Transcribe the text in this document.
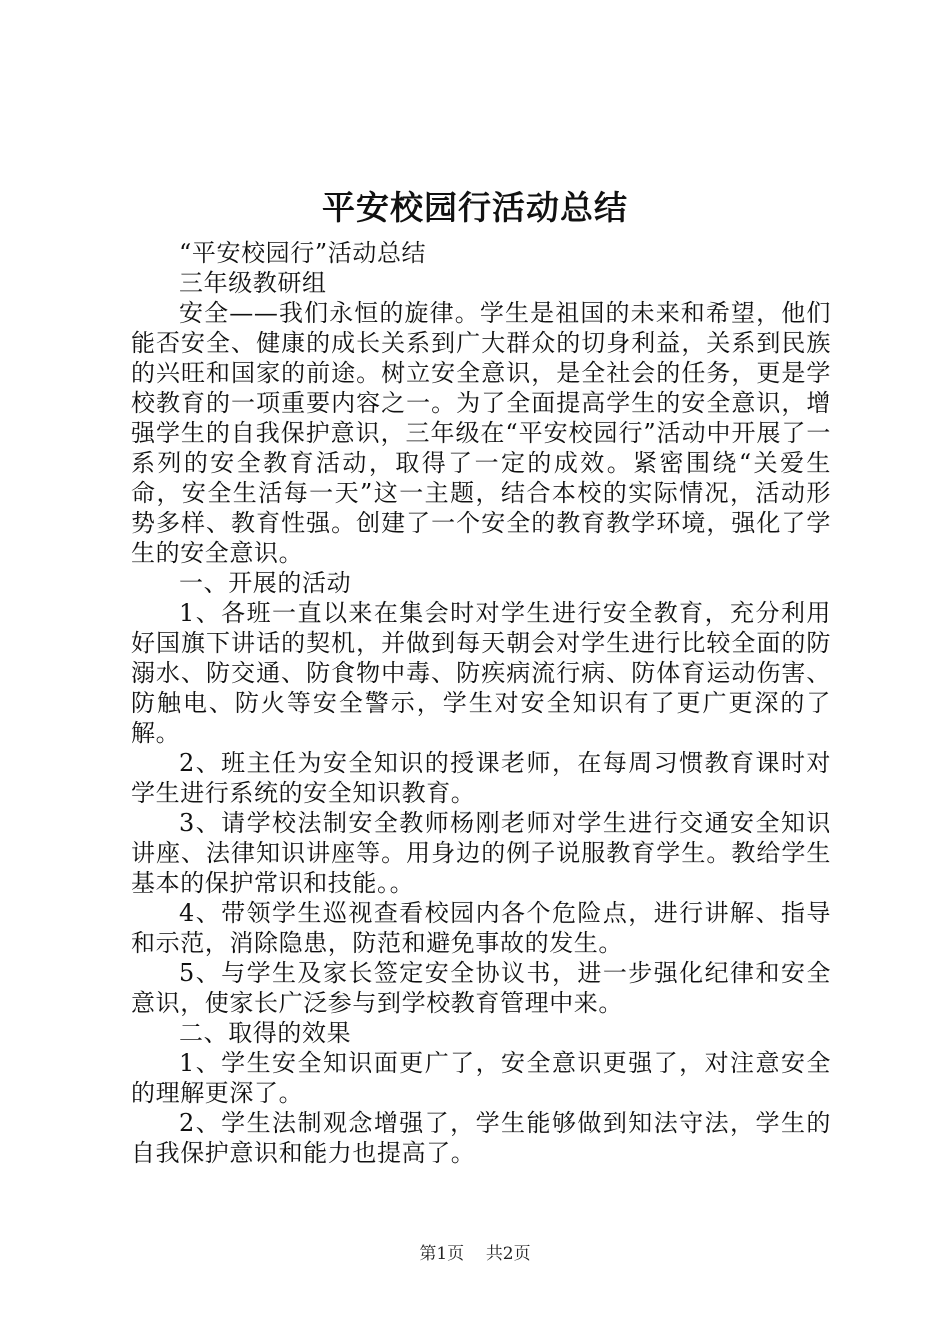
平安校园行活动总结

“平安校园行”活动总结

三年级教研组

安全——我们永恒的旋律。学生是祖国的未来和希望，他们能否安全、健康的成长关系到广大群众的切身利益，关系到民族的兴旺和国家的前途。树立安全意识，是全社会的任务，更是学校教育的一项重要内容之一。为了全面提高学生的安全意识，增强学生的自我保护意识，三年级在“平安校园行”活动中开展了一系列的安全教育活动，取得了一定的成效。紧密围绕“关爱生命，安全生活每一天”这一主题，结合本校的实际情况，活动形势多样、教育性强。创建了一个安全的教育教学环境，强化了学生的安全意识。

一、开展的活动

1、各班一直以来在集会时对学生进行安全教育，充分利用好国旗下讲话的契机，并做到每天朝会对学生进行比较全面的防溺水、防交通、防食物中毒、防疾病流行病、防体育运动伤害、防触电、防火等安全警示，学生对安全知识有了更广更深的了解。

2、班主任为安全知识的授课老师，在每周习惯教育课时对学生进行系统的安全知识教育。

3、请学校法制安全教师杨刚老师对学生进行交通安全知识讲座、法律知识讲座等。用身边的例子说服教育学生。教给学生基本的保护常识和技能。。

4、带领学生巡视查看校园内各个危险点，进行讲解、指导和示范，消除隐患，防范和避免事故的发生。

5、与学生及家长签定安全协议书，进一步强化纪律和安全意识，使家长广泛参与到学校教育管理中来。

二、取得的效果

1、学生安全知识面更广了，安全意识更强了，对注意安全的理解更深了。

2、学生法制观念增强了，学生能够做到知法守法，学生的自我保护意识和能力也提高了。

第1页 共2页
